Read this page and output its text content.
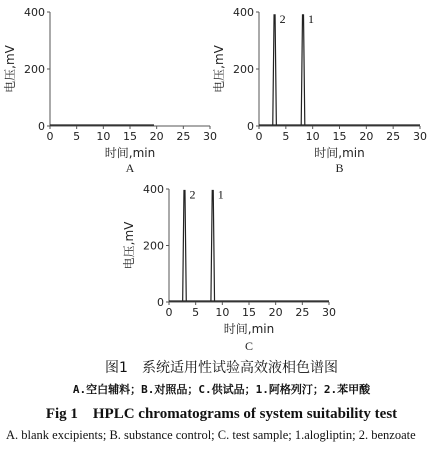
0 5 10 15 20 25 30
0
200
400
时间,min
电压,mV
A
0 5 10 15 20 25 30
0
200
400
时间,min
电压,mV
B
2 1
0 5 10 15 20 25 30
0
200
400
时间,min
电压,mV
C
2 1
图1　系统适用性试验高效液相色谱图
A.空白辅料；B.对照品；C.供试品；1.阿格列汀；2.苯甲酸
Fig 1　HPLC chromatograms of system suitability test
A. blank excipients; B. substance control; C. test sample; 1.alogliptin; 2. benzoate
